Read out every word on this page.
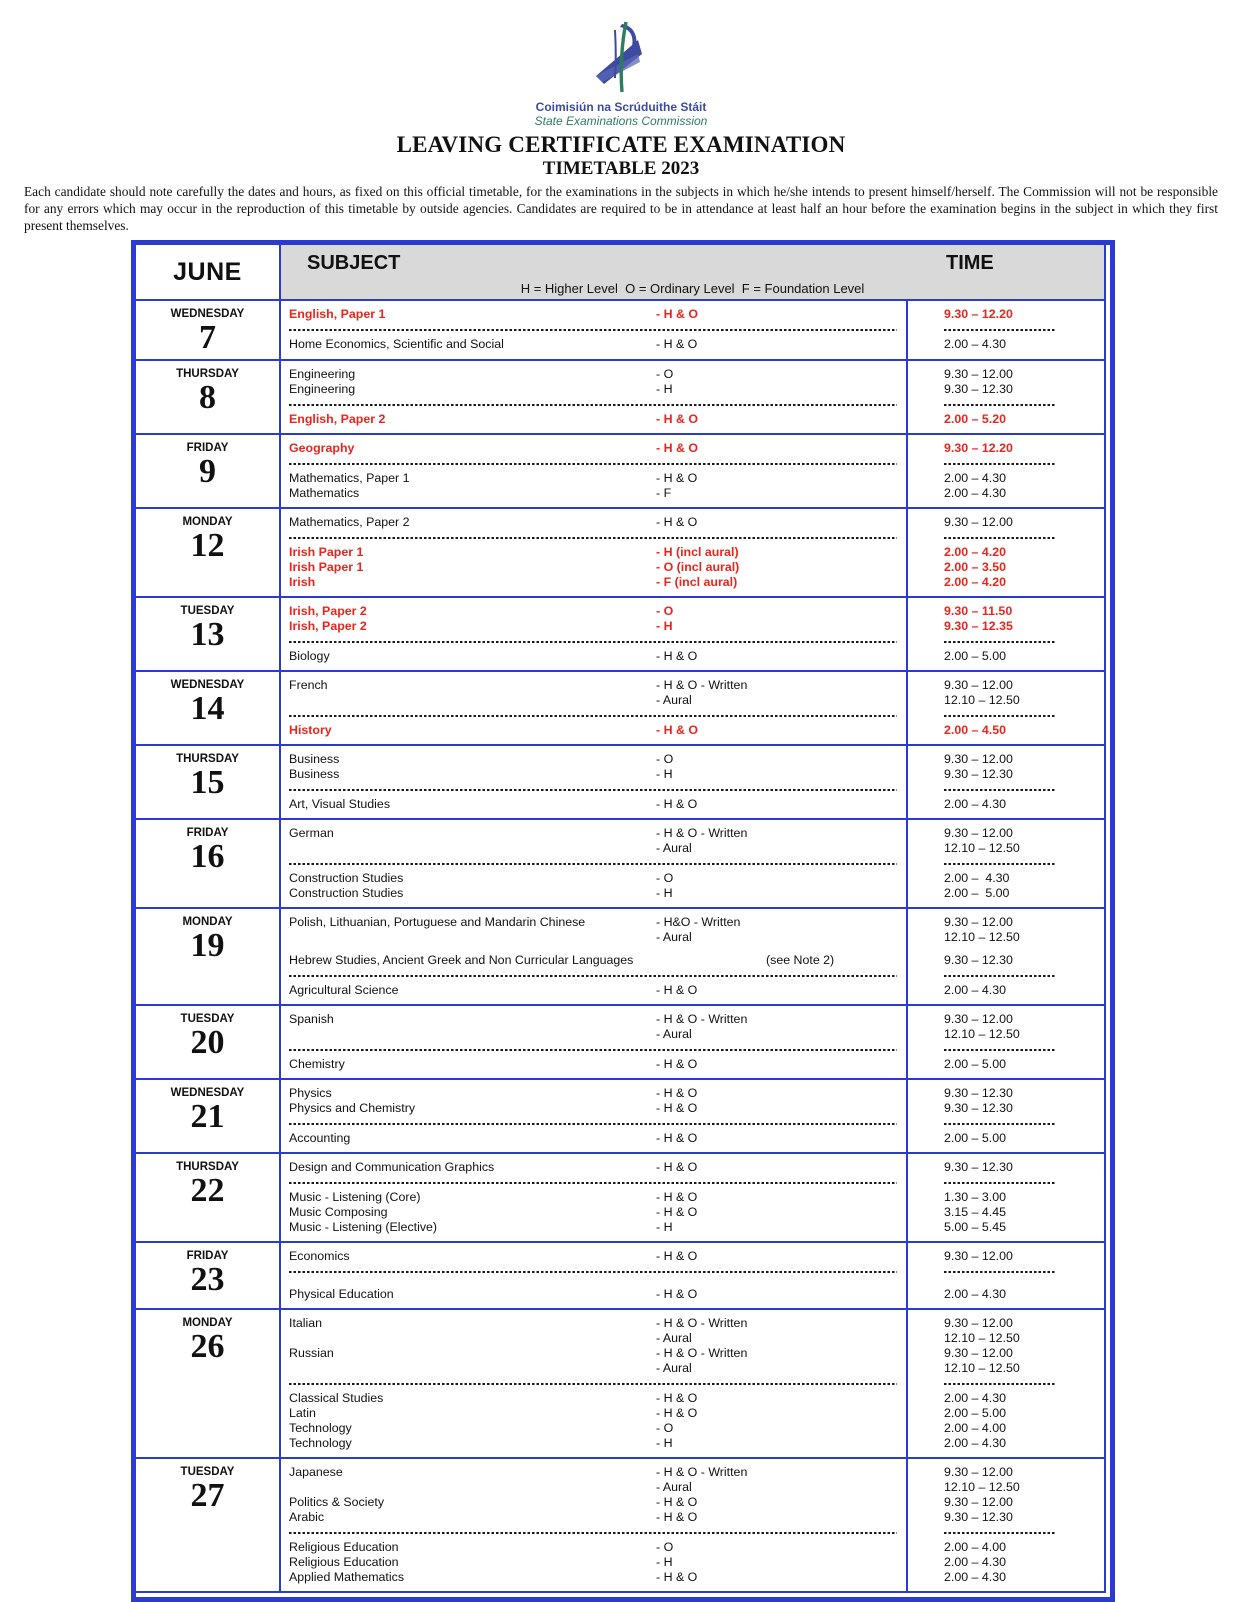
Coimisiún na Scrúduithe Stáit
State Examinations Commission
LEAVING CERTIFICATE EXAMINATION
TIMETABLE 2023
Each candidate should note carefully the dates and hours, as fixed on this official timetable, for the examinations in the subjects in which he/she intends to present himself/herself. The Commission will not be responsible for any errors which may occur in the reproduction of this timetable by outside agencies. Candidates are required to be in attendance at least half an hour before the examination begins in the subject in which they first present themselves.
JUNE	SUBJECT	TIME
H = Higher Level  O = Ordinary Level  F = Foundation Level
WEDNESDAY
7
English, Paper 1	- H & O	9.30 – 12.20
Home Economics, Scientific and Social	- H & O	2.00 – 4.30
THURSDAY
8
Engineering	- O	9.30 – 12.00
Engineering	- H	9.30 – 12.30
English, Paper 2	- H & O	2.00 – 5.20
FRIDAY
9
Geography	- H & O	9.30 – 12.20
Mathematics, Paper 1	- H & O	2.00 – 4.30
Mathematics	- F	2.00 – 4.30
MONDAY
12
Mathematics, Paper 2	- H & O	9.30 – 12.00
Irish Paper 1	- H (incl aural)	2.00 – 4.20
Irish Paper 1	- O (incl aural)	2.00 – 3.50
Irish	- F (incl aural)	2.00 – 4.20
TUESDAY
13
Irish, Paper 2	- O	9.30 – 11.50
Irish, Paper 2	- H	9.30 – 12.35
Biology	- H & O	2.00 – 5.00
WEDNESDAY
14
French	- H & O - Written	9.30 – 12.00
- Aural	12.10 – 12.50
History	- H & O	2.00 – 4.50
THURSDAY
15
Business	- O	9.30 – 12.00
Business	- H	9.30 – 12.30
Art, Visual Studies	- H & O	2.00 – 4.30
FRIDAY
16
German	- H & O - Written	9.30 – 12.00
- Aural	12.10 – 12.50
Construction Studies	- O	2.00 –  4.30
Construction Studies	- H	2.00 –  5.00
MONDAY
19
Polish, Lithuanian, Portuguese and Mandarin Chinese	- H&O - Written	9.30 – 12.00
- Aural	12.10 – 12.50
Hebrew Studies, Ancient Greek and Non Curricular Languages	(see Note 2)	9.30 – 12.30
Agricultural Science	- H & O	2.00 – 4.30
TUESDAY
20
Spanish	- H & O - Written	9.30 – 12.00
- Aural	12.10 – 12.50
Chemistry	- H & O	2.00 – 5.00
WEDNESDAY
21
Physics	- H & O	9.30 – 12.30
Physics and Chemistry	- H & O	9.30 – 12.30
Accounting	- H & O	2.00 – 5.00
THURSDAY
22
Design and Communication Graphics	- H & O	9.30 – 12.30
Music - Listening (Core)	- H & O	1.30 – 3.00
Music Composing	- H & O	3.15 – 4.45
Music - Listening (Elective)	- H	5.00 – 5.45
FRIDAY
23
Economics	- H & O	9.30 – 12.00
Physical Education	- H & O	2.00 – 4.30
MONDAY
26
Italian	- H & O - Written	9.30 – 12.00
- Aural	12.10 – 12.50
Russian	- H & O - Written	9.30 – 12.00
- Aural	12.10 – 12.50
Classical Studies	- H & O	2.00 – 4.30
Latin	- H & O	2.00 – 5.00
Technology	- O	2.00 – 4.00
Technology	- H	2.00 – 4.30
TUESDAY
27
Japanese	- H & O - Written	9.30 – 12.00
- Aural	12.10 – 12.50
Politics & Society	- H & O	9.30 – 12.00
Arabic	- H & O	9.30 – 12.30
Religious Education	- O	2.00 – 4.00
Religious Education	- H	2.00 – 4.30
Applied Mathematics	- H & O	2.00 – 4.30
